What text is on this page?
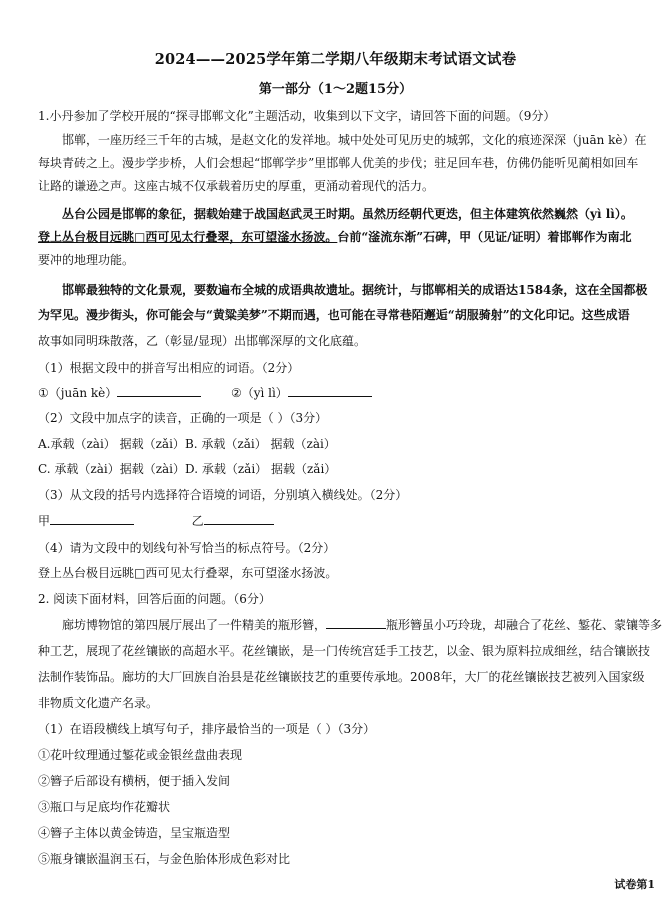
2024——2025学年第二学期八年级期末考试语文试卷
第一部分（1～2题15分）
1.小丹参加了学校开展的“探寻邯郸文化”主题活动，收集到以下文字，请回答下面的问题。（9分）
邯郸，一座历经三千年的古城，是赵文化的发祥地。城中处处可见历史的城郭，文化的痕迹深深（juān kè）在
每块青砖之上。漫步学步桥，人们会想起“邯郸学步”里邯郸人优美的步伐；驻足回车巷，仿佛仍能听见蔺相如回车
让路的谦逊之声。这座古城不仅承载着历史的厚重，更涌动着现代的活力。
丛台公园是邯郸的象征，据载始建于战国赵武灵王时期。虽然历经朝代更迭，但主体建筑依然巍然（yì lì）。
登上丛台极目远眺□西可见太行叠翠，东可望滏水扬波。台前“滏流东渐”石碑，甲（见证/证明）着邯郸作为南北
要冲的地理功能。
邯郸最独特的文化景观，要数遍布全城的成语典故遗址。据统计，与邯郸相关的成语达1584条，这在全国都极
为罕见。漫步街头，你可能会与“黄粱美梦”不期而遇，也可能在寻常巷陌邂逅“胡服骑射”的文化印记。这些成语
故事如同明珠散落，乙（彰显/显现）出邯郸深厚的文化底蕴。
（1）根据文段中的拼音写出相应的词语。（2分）
①（juān kè）	②（yì lì）
（2）文段中加点字的读音，正确的一项是（ ）（3分）
A.承载（zài） 据载（zǎi）B. 承载（zǎi） 据载（zài）
C. 承载（zài）据载（zài）D. 承载（zǎi） 据载（zǎi）
（3）从文段的括号内选择符合语境的词语，分别填入横线处。（2分）
甲	乙
（4）请为文段中的划线句补写恰当的标点符号。（2分）
登上丛台极目远眺□西可见太行叠翠，东可望滏水扬波。
2. 阅读下面材料，回答后面的问题。（6分）
廊坊博物馆的第四展厅展出了一件精美的瓶形簪，	瓶形簪虽小巧玲珑，却融合了花丝、錾花、蒙镶等多
种工艺，展现了花丝镶嵌的高超水平。花丝镶嵌，是一门传统宫廷手工技艺，以金、银为原料拉成细丝，结合镶嵌技
法制作装饰品。廊坊的大厂回族自治县是花丝镶嵌技艺的重要传承地。2008年，大厂的花丝镶嵌技艺被列入国家级
非物质文化遗产名录。
（1）在语段横线上填写句子，排序最恰当的一项是（ ）（3分）
①花叶纹理通过錾花或金银丝盘曲表现
②簪子后部设有横柄，便于插入发间
③瓶口与足底均作花瓣状
④簪子主体以黄金铸造，呈宝瓶造型
⑤瓶身镶嵌温润玉石，与金色胎体形成色彩对比
试卷第1
